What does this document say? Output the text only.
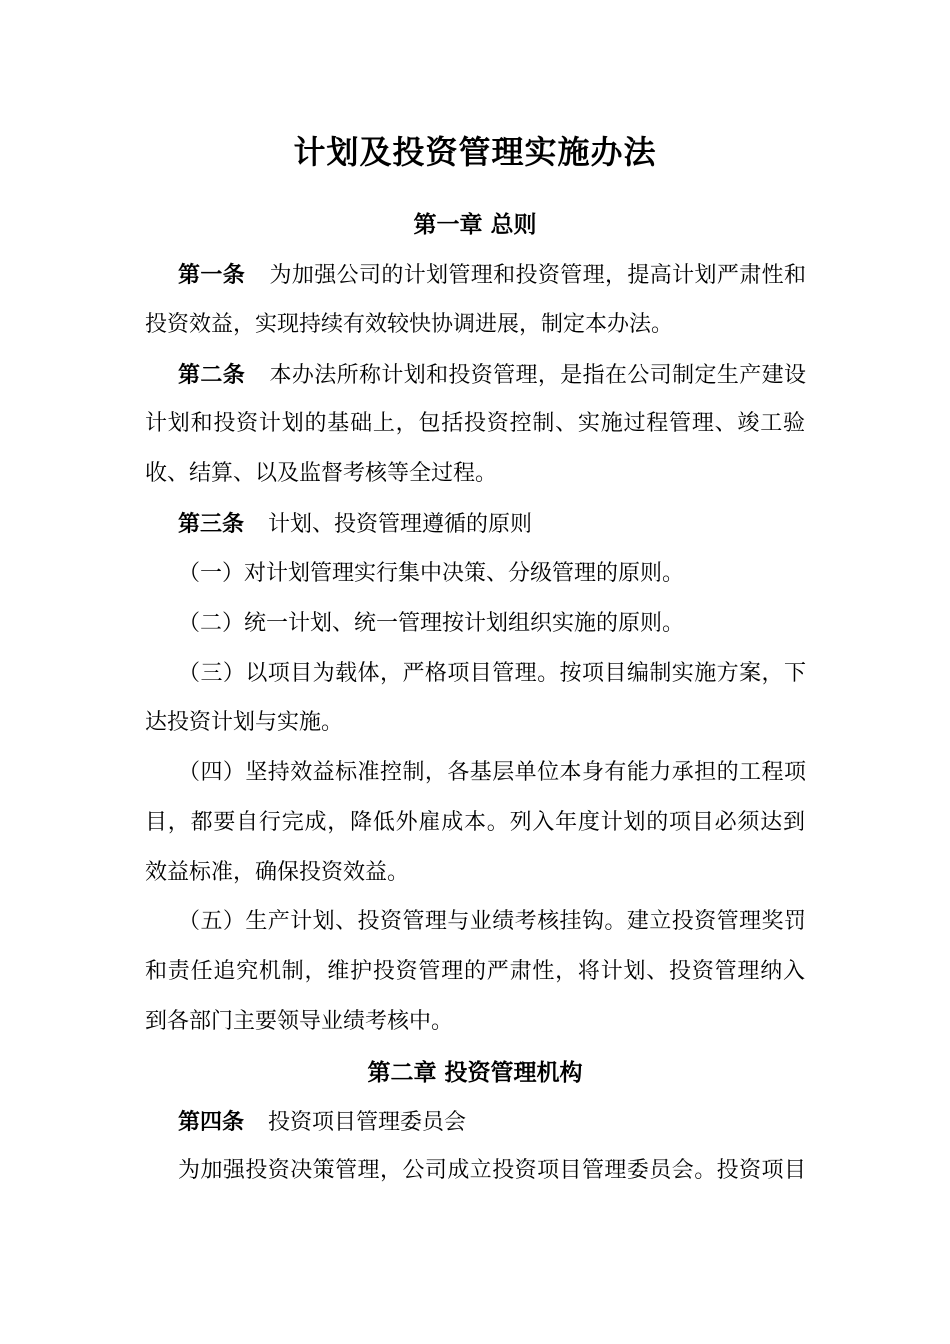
计划及投资管理实施办法
第一章 总则
第一条 为加强公司的计划管理和投资管理，提高计划严肃性和
投资效益，实现持续有效较快协调进展，制定本办法。
第二条 本办法所称计划和投资管理，是指在公司制定生产建设
计划和投资计划的基础上，包括投资控制、实施过程管理、竣工验
收、结算、以及监督考核等全过程。
第三条 计划、投资管理遵循的原则
（一）对计划管理实行集中决策、分级管理的原则。
（二）统一计划、统一管理按计划组织实施的原则。
（三）以项目为载体，严格项目管理。按项目编制实施方案，下
达投资计划与实施。
（四）坚持效益标准控制，各基层单位本身有能力承担的工程项
目，都要自行完成，降低外雇成本。列入年度计划的项目必须达到
效益标准，确保投资效益。
（五）生产计划、投资管理与业绩考核挂钩。建立投资管理奖罚
和责任追究机制，维护投资管理的严肃性，将计划、投资管理纳入
到各部门主要领导业绩考核中。
第二章 投资管理机构
第四条 投资项目管理委员会
为加强投资决策管理，公司成立投资项目管理委员会。投资项目
